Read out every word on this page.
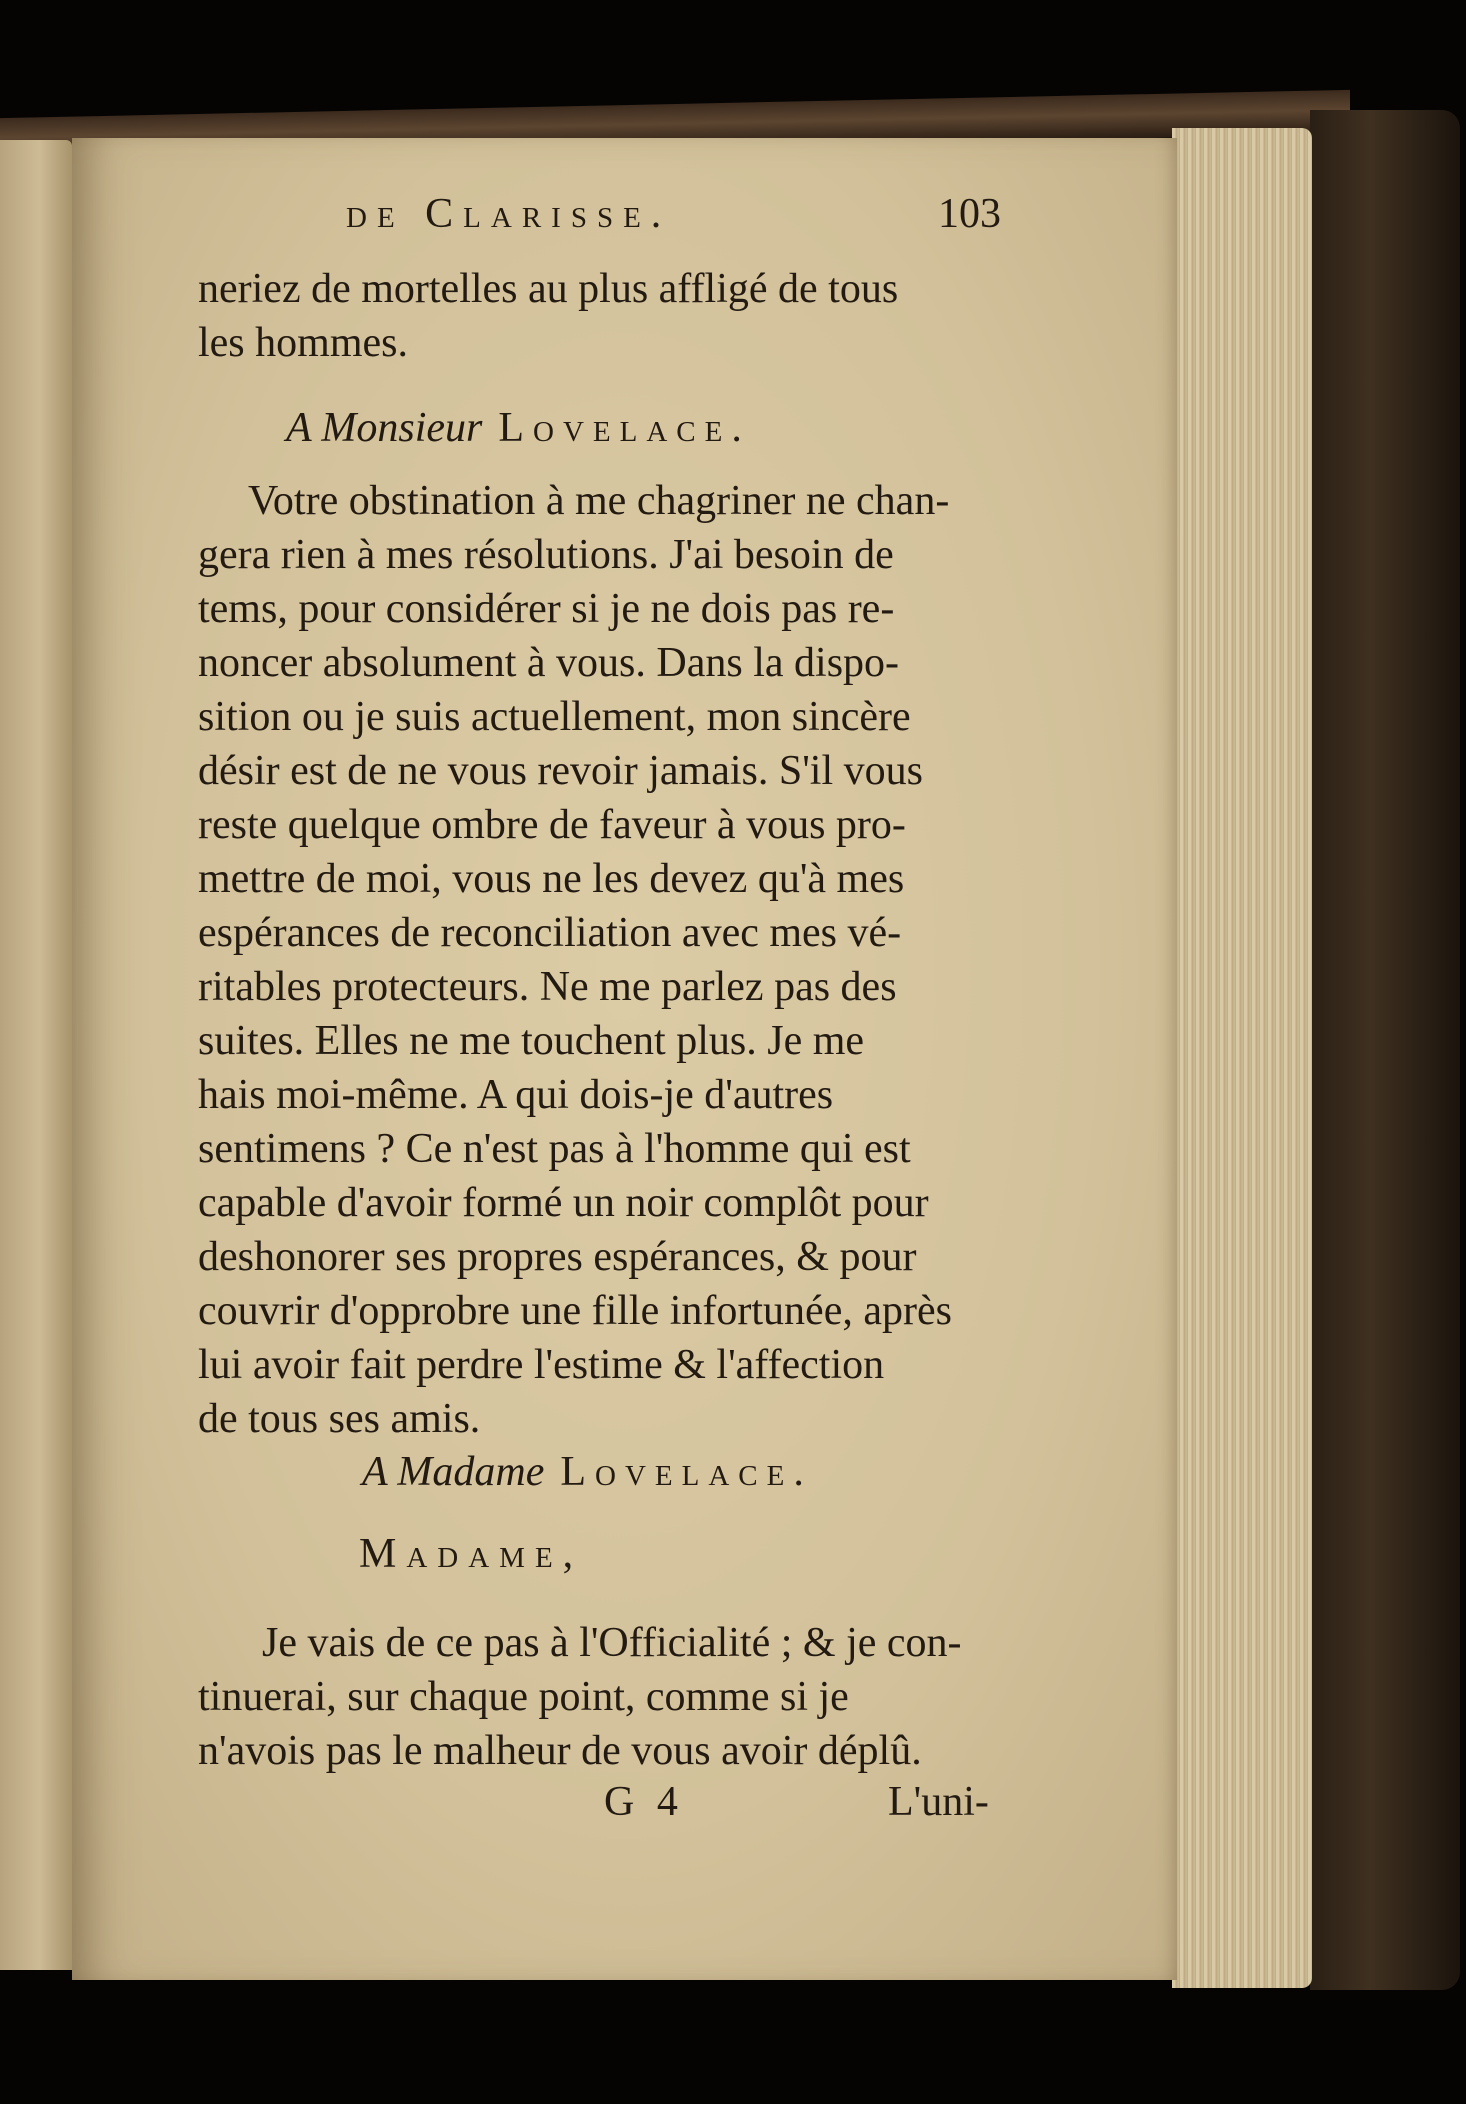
de Clarisse.	103
neriez de mortelles au plus affligé de tous
les hommes.
A Monsieur Lovelace.
Votre obstination à me chagriner ne chan-
gera rien à mes résolutions. J'ai besoin de
tems, pour considérer si je ne dois pas re-
noncer absolument à vous. Dans la dispo-
sition ou je suis actuellement, mon sincère
désir est de ne vous revoir jamais. S'il vous
reste quelque ombre de faveur à vous pro-
mettre de moi, vous ne les devez qu'à mes
espérances de reconciliation avec mes vé-
ritables protecteurs. Ne me parlez pas des
suites. Elles ne me touchent plus. Je me
hais moi-même. A qui dois-je d'autres
sentimens ? Ce n'est pas à l'homme qui est
capable d'avoir formé un noir complôt pour
deshonorer ses propres espérances, & pour
couvrir d'opprobre une fille infortunée, après
lui avoir fait perdre l'estime & l'affection
de tous ses amis.
A Madame Lovelace.
Madame,
Je vais de ce pas à l'Officialité ; & je con-
tinuerai, sur chaque point, comme si je
n'avois pas le malheur de vous avoir déplû.
G 4	L'uni-
